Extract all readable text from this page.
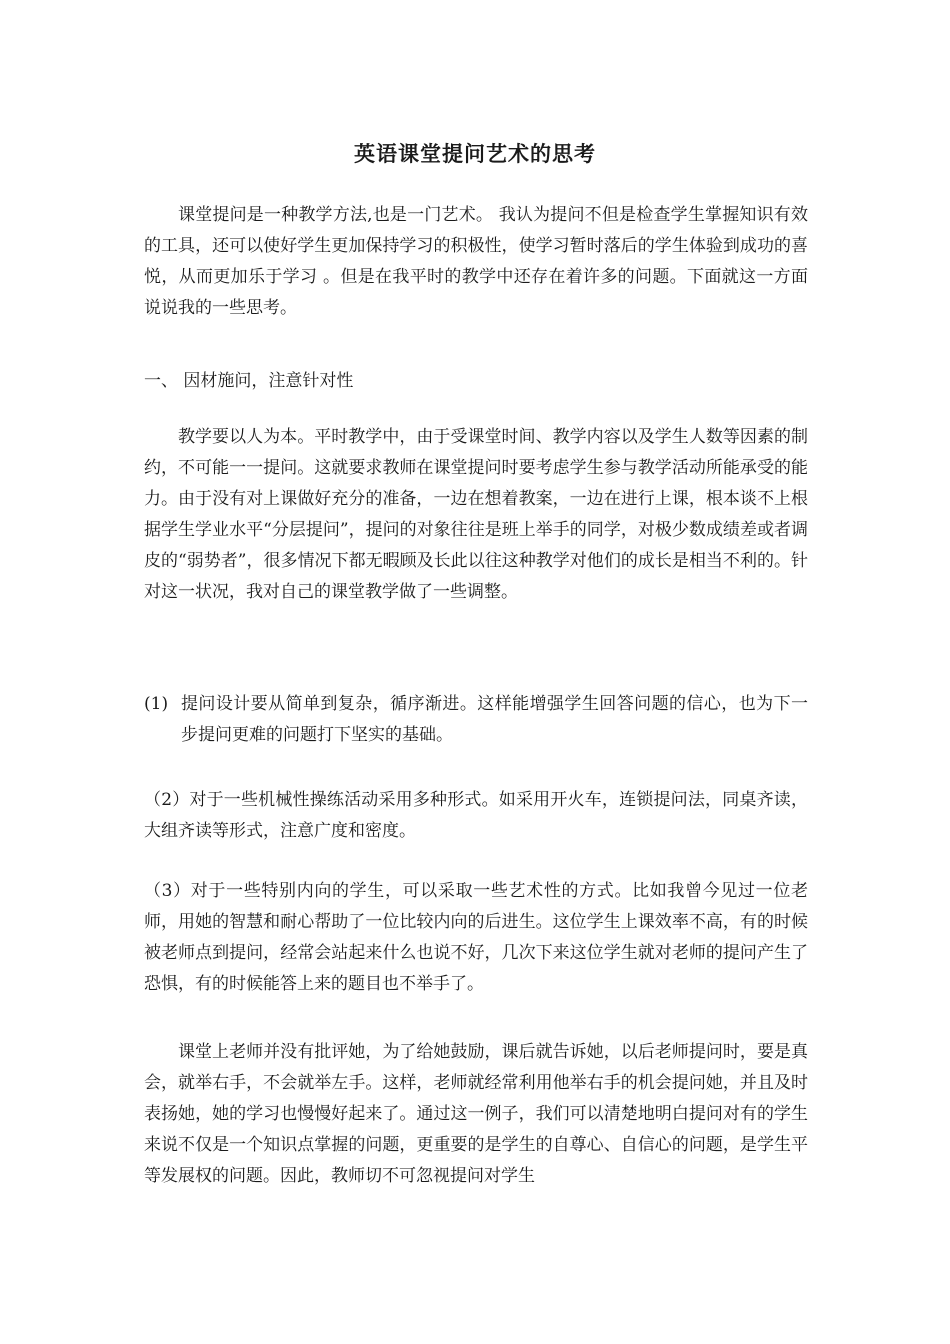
英语课堂提问艺术的思考

课堂提问是一种教学方法,也是一门艺术。 我认为提问不但是检查学生掌握知识有效的工具，还可以使好学生更加保持学习的积极性，使学习暂时落后的学生体验到成功的喜悦，从而更加乐于学习 。但是在我平时的教学中还存在着许多的问题。下面就这一方面说说我的一些思考。

一、 因材施问，注意针对性

教学要以人为本。平时教学中，由于受课堂时间、教学内容以及学生人数等因素的制约，不可能一一提问。这就要求教师在课堂提问时要考虑学生参与教学活动所能承受的能力。由于没有对上课做好充分的准备，一边在想着教案，一边在进行上课，根本谈不上根据学生学业水平“分层提问”，提问的对象往往是班上举手的同学，对极少数成绩差或者调皮的“弱势者”，很多情况下都无暇顾及长此以往这种教学对他们的成长是相当不利的。针对这一状况，我对自己的课堂教学做了一些调整。

(1) 提问设计要从简单到复杂，循序渐进。这样能增强学生回答问题的信心，也为下一步提问更难的问题打下坚实的基础。

（2）对于一些机械性操练活动采用多种形式。如采用开火车，连锁提问法，同桌齐读，大组齐读等形式，注意广度和密度。

（3）对于一些特别内向的学生，可以采取一些艺术性的方式。比如我曾今见过一位老师，用她的智慧和耐心帮助了一位比较内向的后进生。这位学生上课效率不高，有的时候被老师点到提问，经常会站起来什么也说不好，几次下来这位学生就对老师的提问产生了恐惧，有的时候能答上来的题目也不举手了。

课堂上老师并没有批评她，为了给她鼓励，课后就告诉她，以后老师提问时，要是真会，就举右手，不会就举左手。这样，老师就经常利用他举右手的机会提问她，并且及时表扬她，她的学习也慢慢好起来了。通过这一例子，我们可以清楚地明白提问对有的学生来说不仅是一个知识点掌握的问题，更重要的是学生的自尊心、自信心的问题，是学生平等发展权的问题。因此，教师切不可忽视提问对学生
